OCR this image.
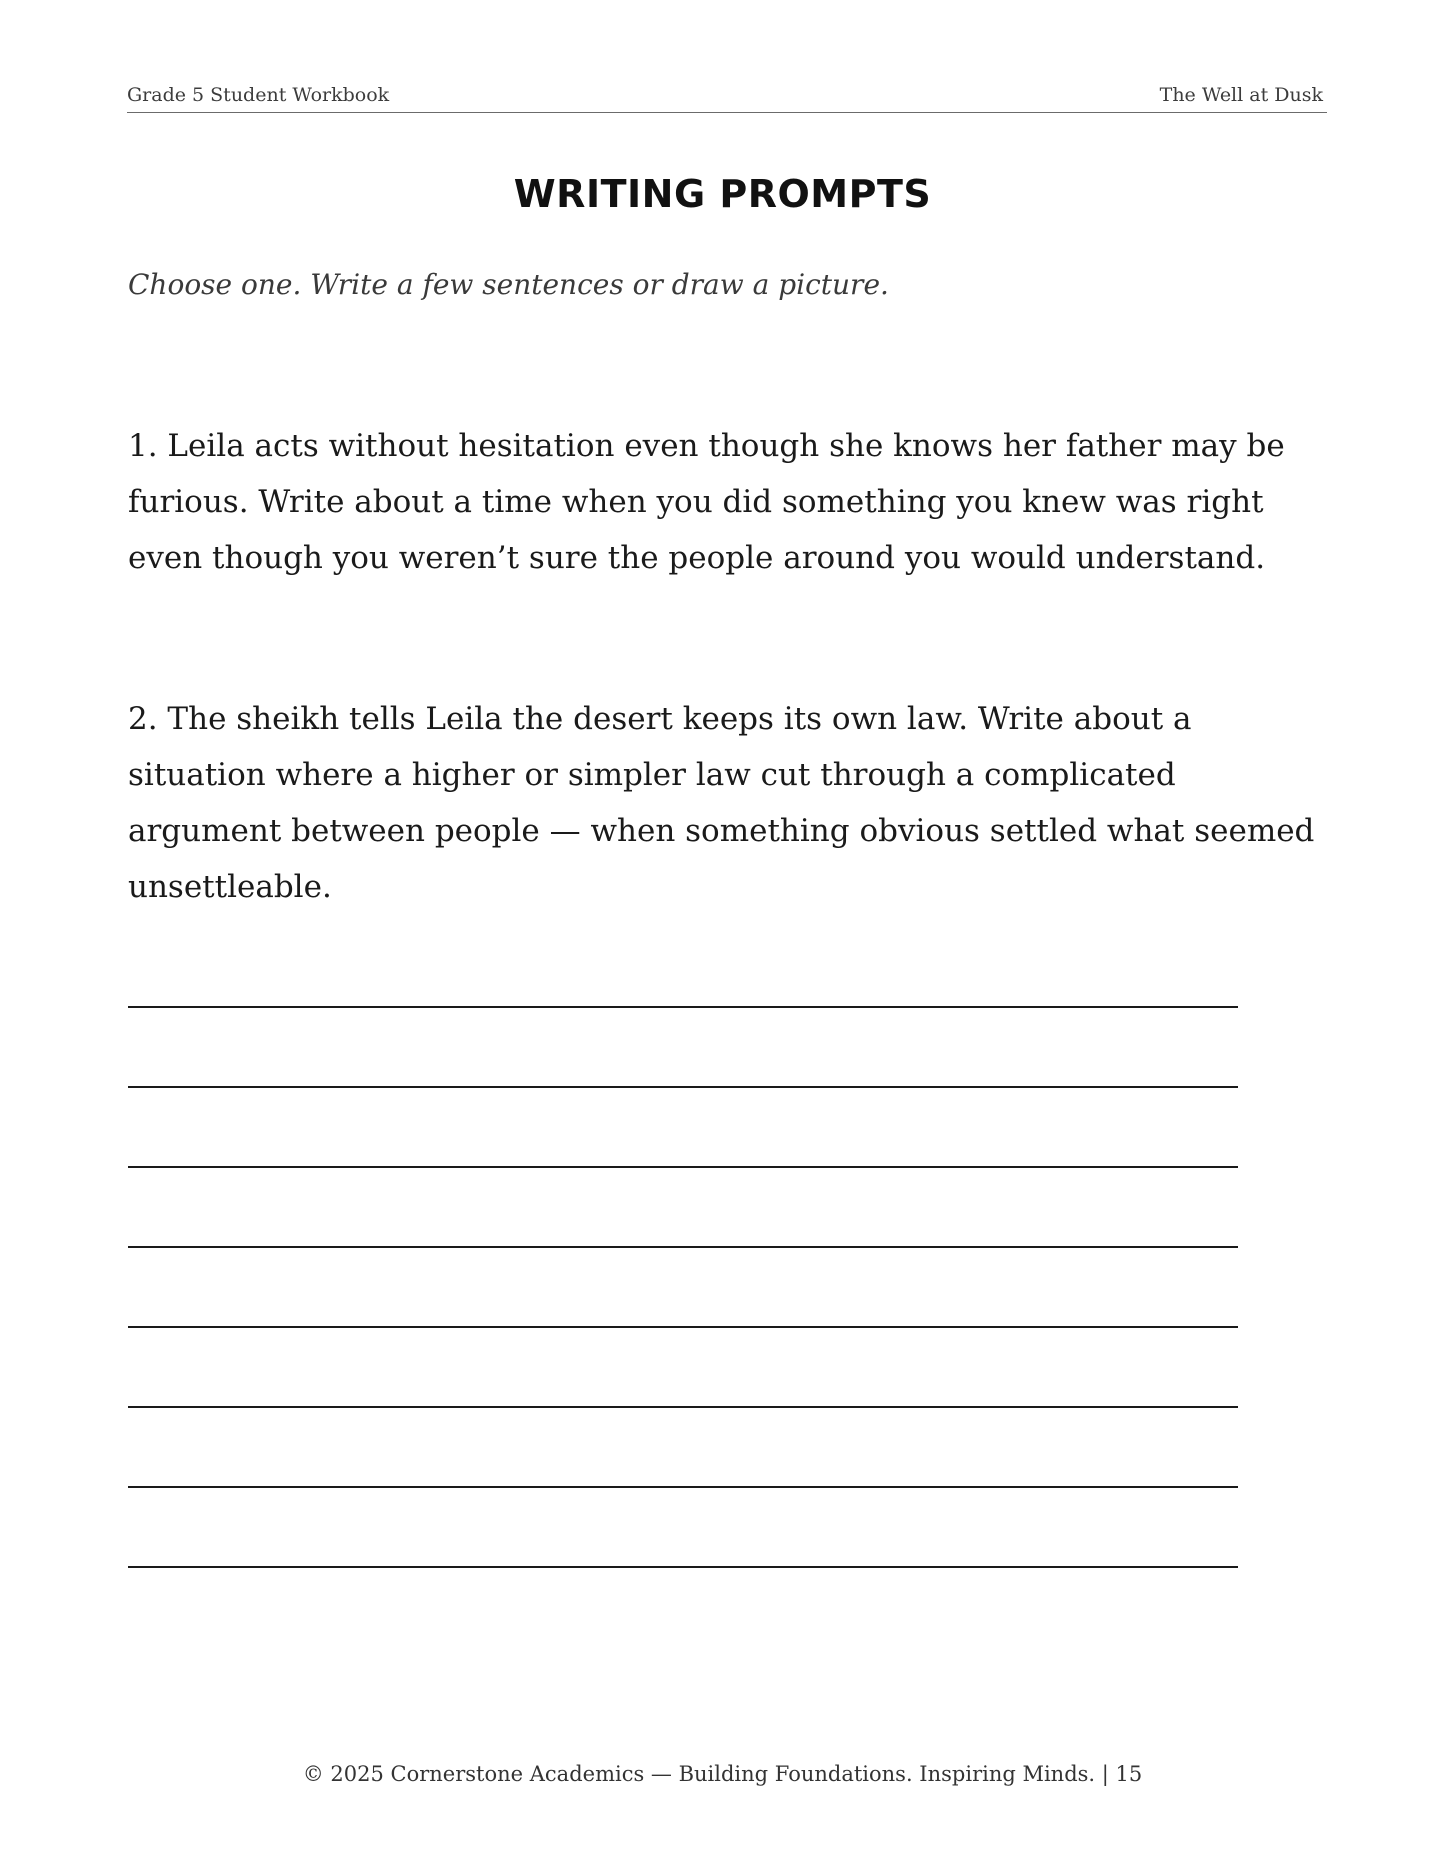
Grade 5 Student Workbook	The Well at Dusk
WRITING PROMPTS
Choose one. Write a few sentences or draw a picture.
1. Leila acts without hesitation even though she knows her father may be furious. Write about a time when you did something you knew was right even though you weren’t sure the people around you would understand.
2. The sheikh tells Leila the desert keeps its own law. Write about a situation where a higher or simpler law cut through a complicated argument between people — when something obvious settled what seemed unsettleable.
© 2025 Cornerstone Academics — Building Foundations. Inspiring Minds. | 15
